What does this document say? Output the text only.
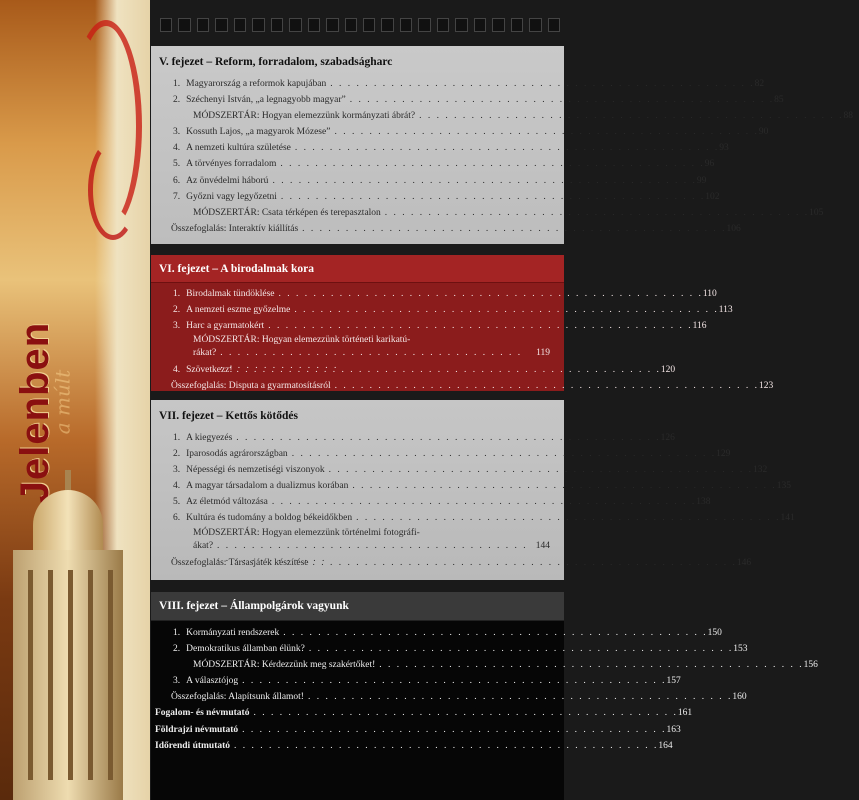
a múlt
Jelenben
V. fejezet – Reform, forradalom, szabadságharc
1. Magyarország a reformok kapujában . . .	82
2. Széchenyi István, „a legnagyobb magyar” . . .	85
MÓDSZERTÁR: Hogyan elemezzünk kormányzati ábrát? . . .	88
3. Kossuth Lajos, „a magyarok Mózese” . . .	90
4. A nemzeti kultúra születése . . .	93
5. A törvényes forradalom . . .	96
6. Az önvédelmi háború . . .	99
7. Győzni vagy legyőzetni . . .	102
MÓDSZERTÁR: Csata térképen és terepasztalon . . .	105
Összefoglalás: Interaktív kiállítás . . .	106
VI. fejezet – A birodalmak kora
1. Birodalmak tündöklése . . .	110
2. A nemzeti eszme győzelme . . .	113
3. Harc a gyarmatokért . . .	116
MÓDSZERTÁR: Hogyan elemezzünk történeti karikatú-
rákat? . . .	119
4. Szövetkezz! . . .	120
Összefoglalás: Disputa a gyarmatosításról . . .	123
VII. fejezet – Kettős kötődés
1. A kiegyezés . . .	126
2. Iparosodás agrárországban . . .	129
3. Népességi és nemzetiségi viszonyok . . .	132
4. A magyar társadalom a dualizmus korában . . .	135
5. Az életmód változása . . .	138
6. Kultúra és tudomány a boldog békeidőkben . . .	141
MÓDSZERTÁR: Hogyan elemezzünk történelmi fotográfi-
ákat? . . .	144
Összefoglalás: Társasjáték készítése . . .	146
VIII. fejezet – Állampolgárok vagyunk
1. Kormányzati rendszerek . . .	150
2. Demokratikus államban élünk? . . .	153
MÓDSZERTÁR: Kérdezzünk meg szakértőket! . . .	156
3. A választójog . . .	157
Összefoglalás: Alapítsunk államot! . . .	160
Fogalom- és névmutató . . .	161
Földrajzi névmutató . . .	163
Időrendi útmutató . . .	164
